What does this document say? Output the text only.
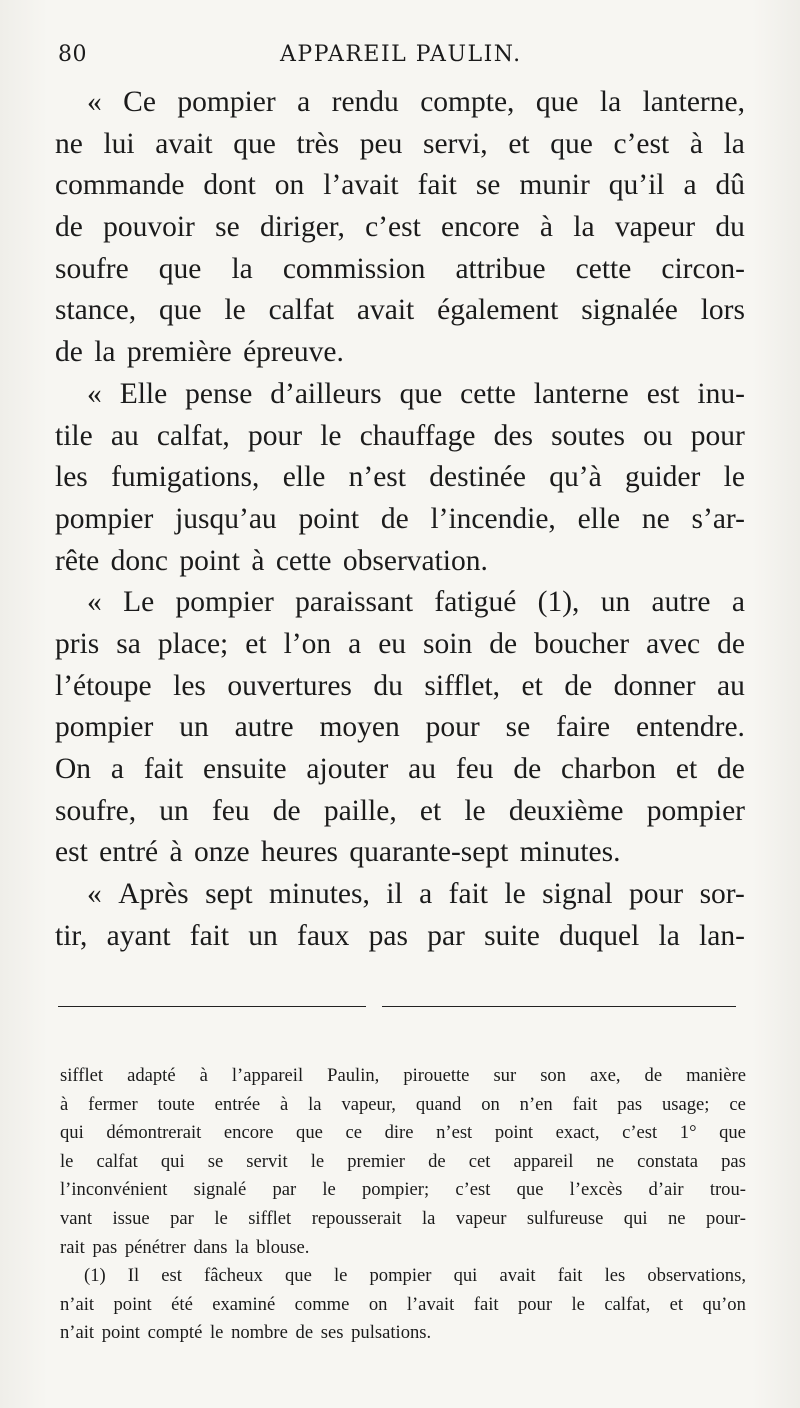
80	APPAREIL PAULIN.
« Ce pompier a rendu compte, que la lanterne,
ne lui avait que très peu servi, et que c’est à la
commande dont on l’avait fait se munir qu’il a dû
de pouvoir se diriger, c’est encore à la vapeur du
soufre que la commission attribue cette circon-
stance, que le calfat avait également signalée lors
de la première épreuve.
« Elle pense d’ailleurs que cette lanterne est inu-
tile au calfat, pour le chauffage des soutes ou pour
les fumigations, elle n’est destinée qu’à guider le
pompier jusqu’au point de l’incendie, elle ne s’ar-
rête donc point à cette observation.
« Le pompier paraissant fatigué (1), un autre a
pris sa place; et l’on a eu soin de boucher avec de
l’étoupe les ouvertures du sifflet, et de donner au
pompier un autre moyen pour se faire entendre.
On a fait ensuite ajouter au feu de charbon et de
soufre, un feu de paille, et le deuxième pompier
est entré à onze heures quarante-sept minutes.
« Après sept minutes, il a fait le signal pour sor-
tir, ayant fait un faux pas par suite duquel la lan-
sifflet adapté à l’appareil Paulin, pirouette sur son axe, de manière
à fermer toute entrée à la vapeur, quand on n’en fait pas usage; ce
qui démontrerait encore que ce dire n’est point exact, c’est 1° que
le calfat qui se servit le premier de cet appareil ne constata pas
l’inconvénient signalé par le pompier; c’est que l’excès d’air trou-
vant issue par le sifflet repousserait la vapeur sulfureuse qui ne pour-
rait pas pénétrer dans la blouse.
(1) Il est fâcheux que le pompier qui avait fait les observations,
n’ait point été examiné comme on l’avait fait pour le calfat, et qu’on
n’ait point compté le nombre de ses pulsations.
